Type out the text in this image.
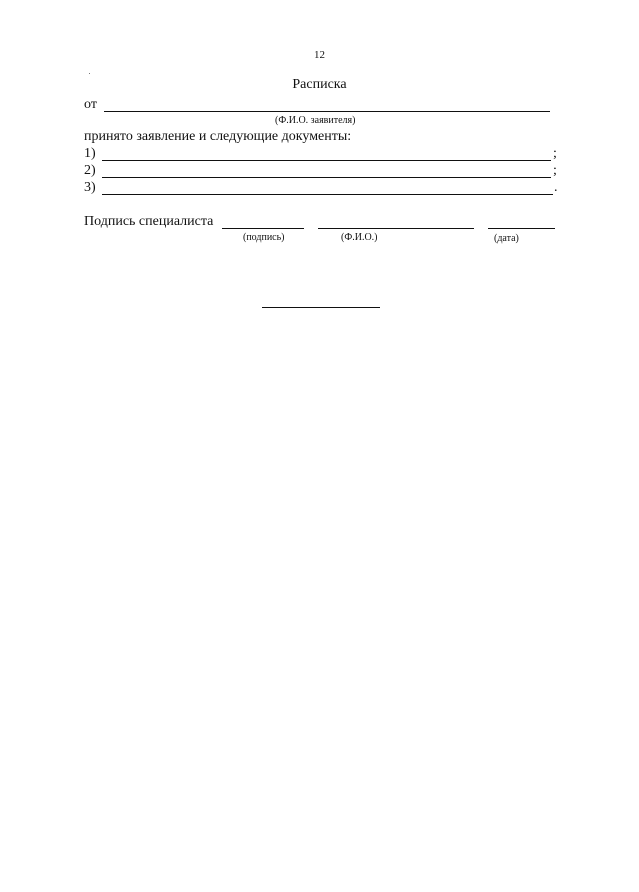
12
Расписка
от
(Ф.И.О. заявителя)
принято заявление и следующие документы:
1)	;
2)	;
3)	.
Подпись специалиста
(подпись)	(Ф.И.О.)	(дата)
